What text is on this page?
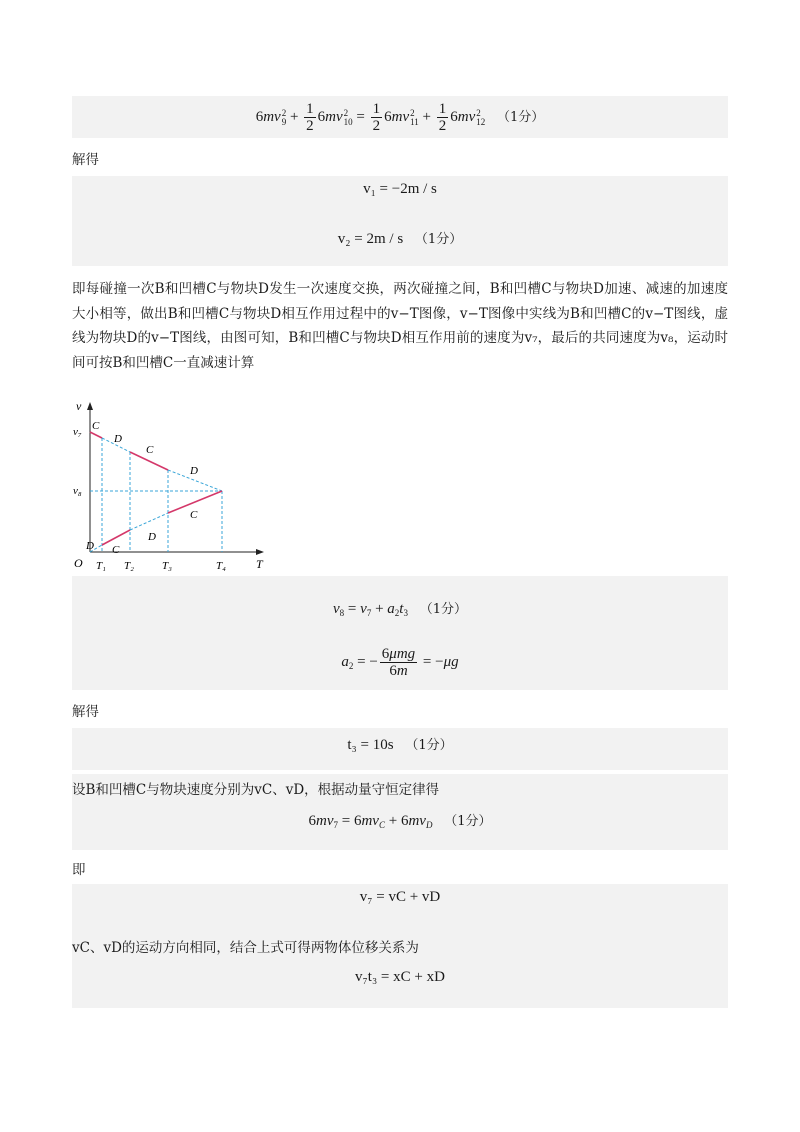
6mv2
$9 + \frac{1}{2} 6mv2$
$10 = \frac{1}{2} 6mv2$
$11 + \frac{1}{2} 6mv2$
12 （1分）
解得
v₁ = −2m / s
v₂ = 2m / s （1分）
即每碰撞一次B和凹槽C与物块D发生一次速度交换，两次碰撞之间，B和凹槽C与物块D加速、减速的加速度大小相等，做出B和凹槽C与物块D相互作用过程中的v−T图像，v−T图像中实线为B和凹槽C的v−T图线，虚线为物块D的v−T图线，由图可知，B和凹槽C与物块D相互作用前的速度为v₇，最后的共同速度为v₈，运动时间可按B和凹槽C一直减速计算
v
T
O
v₇
v₈
T₁ T₂	T₃	T₄
C
D
C
D
C
D
D C
$v_8 = v_7 + a_2t_3$ （1分）
$a_2$ = − $\frac{\text{6μmg}}{6m} = -\mu g$
解得
t₃ = 10s （1分）
设B和凹槽C与物块速度分别为vC、vD，根据动量守恒定律得
$6mv_7 = 6mv_C + 6mv_D$ （1分）
即
v₇ = vC + vD
vC、vD的运动方向相同，结合上式可得两物体位移关系为
v₇t₃ = xC + xD
